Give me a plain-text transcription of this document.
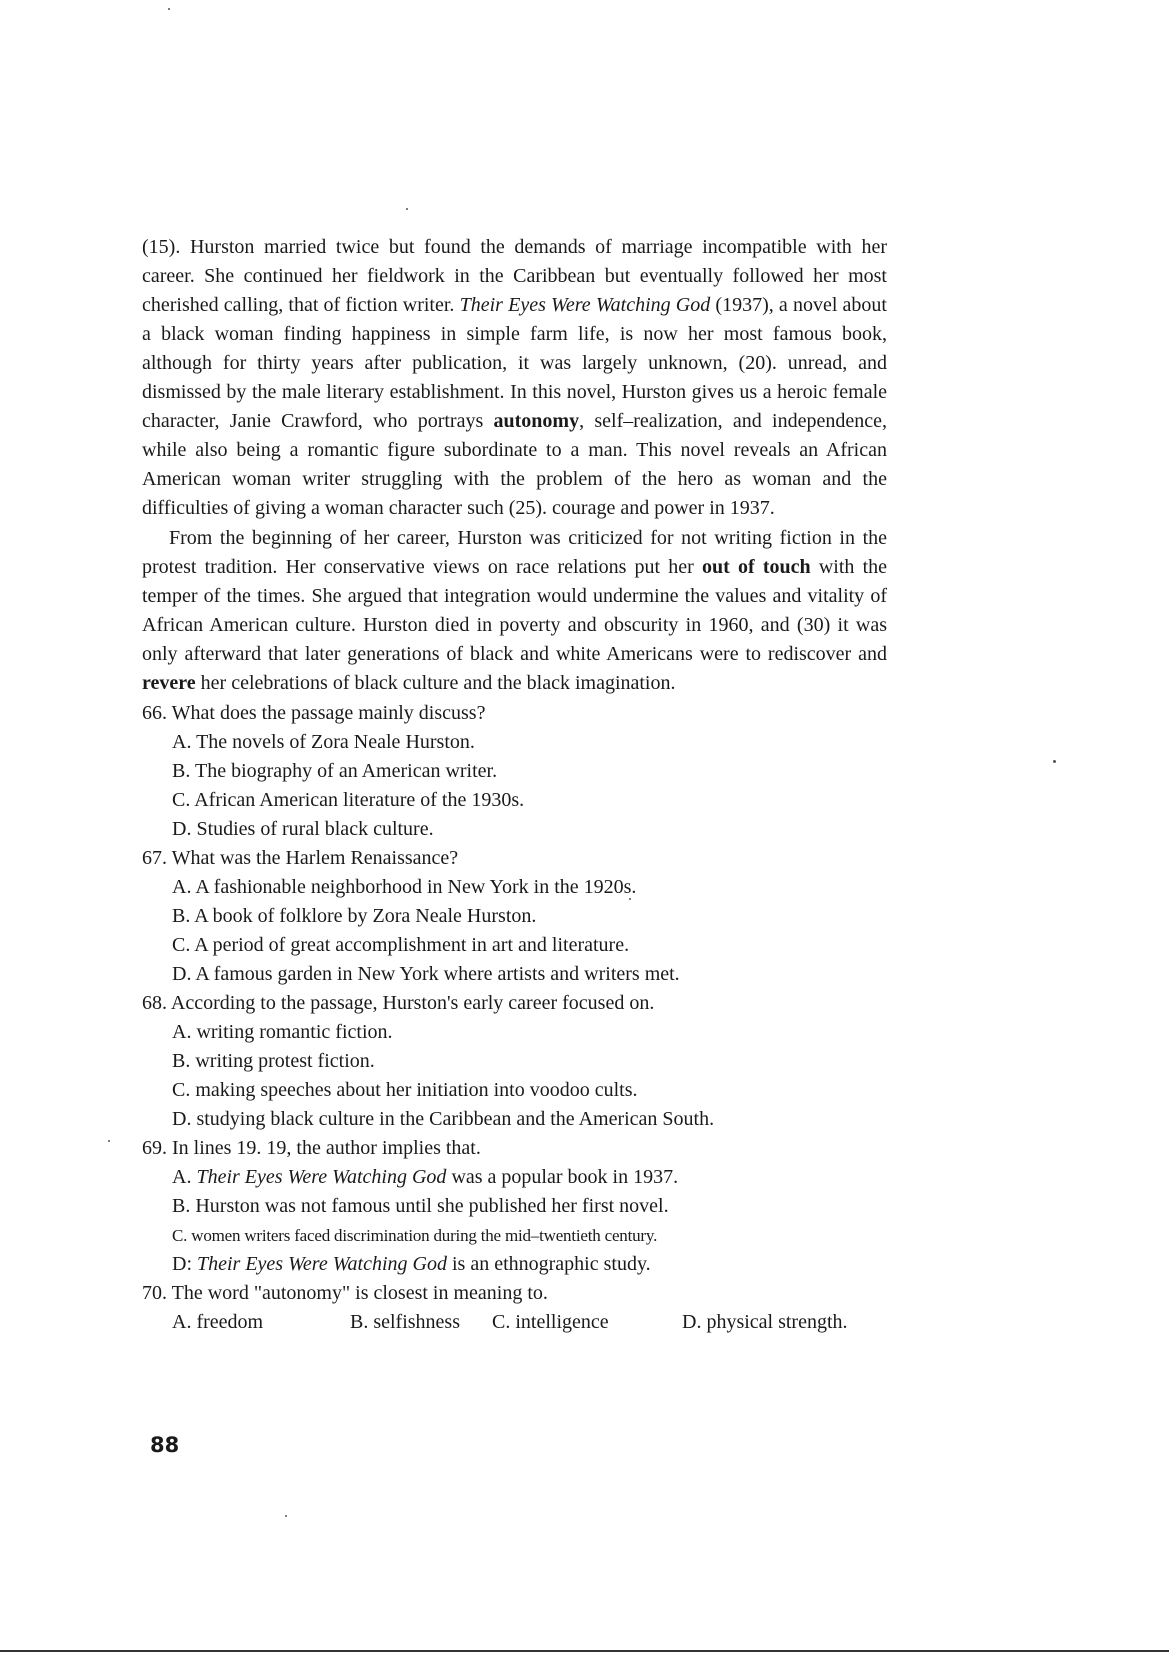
(15). Hurston married twice but found the demands of marriage incompatible with her career. She continued her fieldwork in the Caribbean but eventually followed her most cherished calling, that of fiction writer. Their Eyes Were Watching God (1937), a novel about a black woman finding happiness in simple farm life, is now her most famous book, although for thirty years after publication, it was largely unknown, (20). unread, and dismissed by the male literary establishment. In this novel, Hurston gives us a heroic female character, Janie Crawford, who portrays autonomy, self–realization, and independence, while also being a romantic figure subordinate to a man. This novel reveals an African American woman writer struggling with the problem of the hero as woman and the difficulties of giving a woman character such (25). courage and power in 1937.

From the beginning of her career, Hurston was criticized for not writing fiction in the protest tradition. Her conservative views on race relations put her out of touch with the temper of the times. She argued that integration would undermine the values and vitality of African American culture. Hurston died in poverty and obscurity in 1960, and (30) it was only afterward that later generations of black and white Americans were to rediscover and revere her celebrations of black culture and the black imagination.

66. What does the passage mainly discuss?

A. The novels of Zora Neale Hurston.

B. The biography of an American writer.

C. African American literature of the 1930s.

D. Studies of rural black culture.

67. What was the Harlem Renaissance?

A. A fashionable neighborhood in New York in the 1920s.

B. A book of folklore by Zora Neale Hurston.

C. A period of great accomplishment in art and literature.

D. A famous garden in New York where artists and writers met.

68. According to the passage, Hurston's early career focused on.

A. writing romantic fiction.

B. writing protest fiction.

C. making speeches about her initiation into voodoo cults.

D. studying black culture in the Caribbean and the American South.

69. In lines 19. 19, the author implies that.

A. Their Eyes Were Watching God was a popular book in 1937.

B. Hurston was not famous until she published her first novel.

C. women writers faced discrimination during the mid–twentieth century.

D: Their Eyes Were Watching God is an ethnographic study.

70. The word "autonomy" is closest in meaning to.

A. freedom	B. selfishness	C. intelligence	D. physical strength.
88
